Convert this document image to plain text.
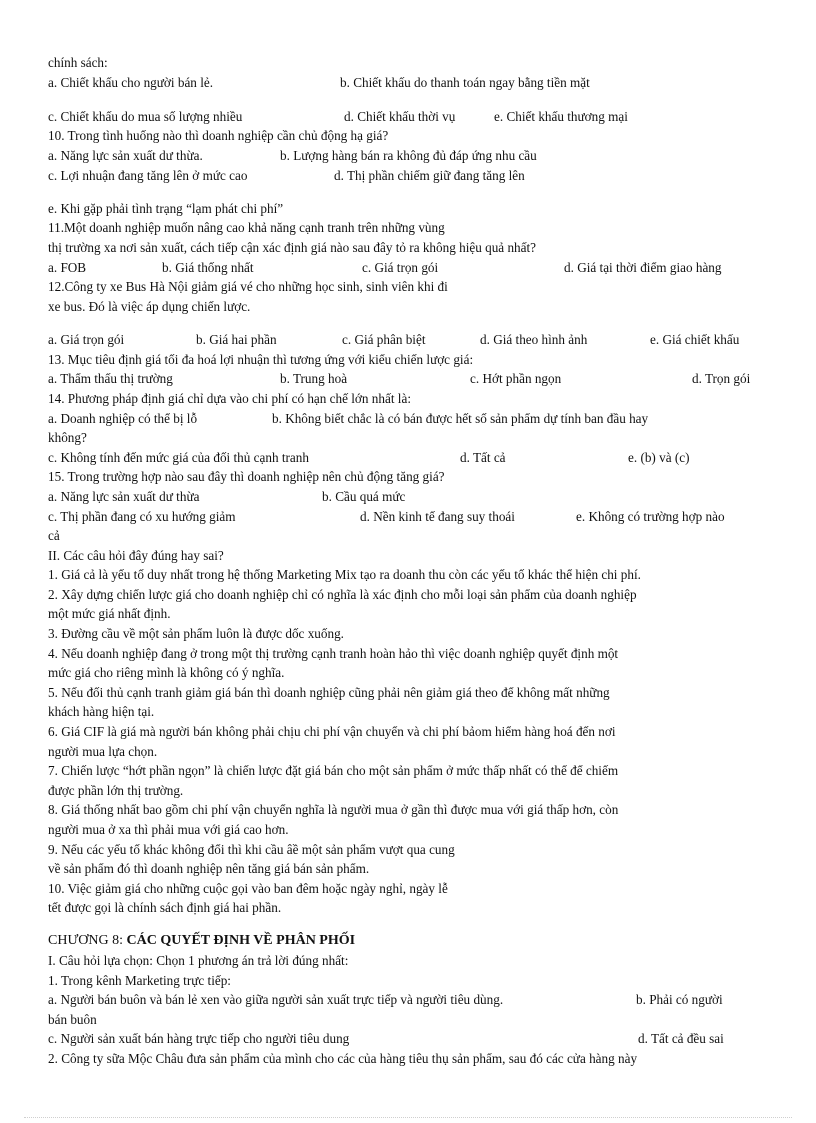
chính sách:
a. Chiết khấu cho người bán lẻ.	b. Chiết khấu do thanh toán ngay bằng tiền mặt
c. Chiết khấu do mua số lượng nhiều	d. Chiết khấu thời vụ	e. Chiết khấu thương mại
10. Trong tình huống nào thì doanh nghiệp cần chủ động hạ giá?
a. Năng lực sản xuất dư thừa.	b. Lượng hàng bán ra không đủ đáp ứng nhu cầu
c. Lợi nhuận đang tăng lên ở mức cao	d. Thị phần chiếm giữ đang tăng lên
e. Khi gặp phải tình trạng “lạm phát chi phí”
11.Một doanh nghiệp muốn nâng cao khả năng cạnh tranh trên những vùng
thị trường xa nơi sản xuất, cách tiếp cận xác định giá nào sau đây tỏ ra không hiệu quả nhất?
a. FOB	b. Giá thống nhất	c. Giá trọn gói	d. Giá tại thời điểm giao hàng
12.Công ty xe Bus Hà Nội giảm giá vé cho những học sinh, sinh viên khi đi
xe bus. Đó là việc áp dụng chiến lược.
a. Giá trọn gói	b. Giá hai phần	c. Giá phân biệt	d. Giá theo hình ảnh	e. Giá chiết khấu
13. Mục tiêu định giá tối đa hoá lợi nhuận thì tương ứng với kiểu chiến lược giá:
a. Thẩm thấu thị trường	b. Trung hoà	c. Hớt phần ngọn	d. Trọn gói
14. Phương pháp định giá chỉ dựa vào chi phí có hạn chế lớn nhất là:
a. Doanh nghiệp có thể bị lỗ	b. Không biết chắc là có bán được hết số sản phẩm dự tính ban đầu hay
không?
c. Không tính đến mức giá của đối thủ cạnh tranh	d. Tất cả	e. (b) và (c)
15. Trong trường hợp nào sau đây thì doanh nghiệp nên chủ động tăng giá?
a. Năng lực sản xuất dư thừa	b. Cầu quá mức
c. Thị phần đang có xu hướng giảm	d. Nền kinh tế đang suy thoái	e. Không có trường hợp nào
cả
II. Các câu hỏi đây đúng hay sai?
1. Giá cả là yếu tố duy nhất trong hệ thống Marketing Mix tạo ra doanh thu còn các yếu tố khác thể hiện chi phí.
2. Xây dựng chiến lược giá cho doanh nghiệp chỉ có nghĩa là xác định cho mỗi loại sản phẩm của doanh nghiệp
một mức giá nhất định.
3. Đường cầu về một sản phẩm luôn là được dốc xuống.
4. Nếu doanh nghiệp đang ở trong một thị trường cạnh tranh hoàn hảo thì việc doanh nghiệp quyết định một
mức giá cho riêng mình là không có ý nghĩa.
5. Nếu đối thủ cạnh tranh giảm giá bán thì doanh nghiệp cũng phải nên giảm giá theo để không mất những
khách hàng hiện tại.
6. Giá CIF là giá mà người bán không phải chịu chi phí vận chuyển và chi phí bảom hiểm hàng hoá đến nơi
người mua lựa chọn.
7. Chiến lược “hớt phần ngọn” là chiến lược đặt giá bán cho một sản phẩm ở mức thấp nhất có thể để chiếm
được phần lớn thị trường.
8. Giá thống nhất bao gồm chi phí vận chuyển nghĩa là người mua ở gần thì được mua với giá thấp hơn, còn
người mua ở xa thì phải mua với giá cao hơn.
9. Nếu các yếu tố khác không đổi thì khi cầu âề một sản phẩm vượt qua cung
về sản phẩm đó thì doanh nghiệp nên tăng giá bán sản phẩm.
10. Việc giảm giá cho những cuộc gọi vào ban đêm hoặc ngày nghỉ, ngày lễ
tết được gọi là chính sách định giá hai phần.
CHƯƠNG 8: CÁC QUYẾT ĐỊNH VỀ PHÂN PHỐI
I. Câu hỏi lựa chọn: Chọn 1 phương án trả lời đúng nhất:
1. Trong kênh Marketing trực tiếp:
a. Người bán buôn và bán lẻ xen vào giữa người sản xuất trực tiếp và người tiêu dùng.	b. Phải có người
bán buôn
c. Người sản xuất bán hàng trực tiếp cho người tiêu dung	d. Tất cả đều sai
2. Công ty sữa Mộc Châu đưa sản phẩm của mình cho các của hàng tiêu thụ sản phẩm, sau đó các cửa hàng này
